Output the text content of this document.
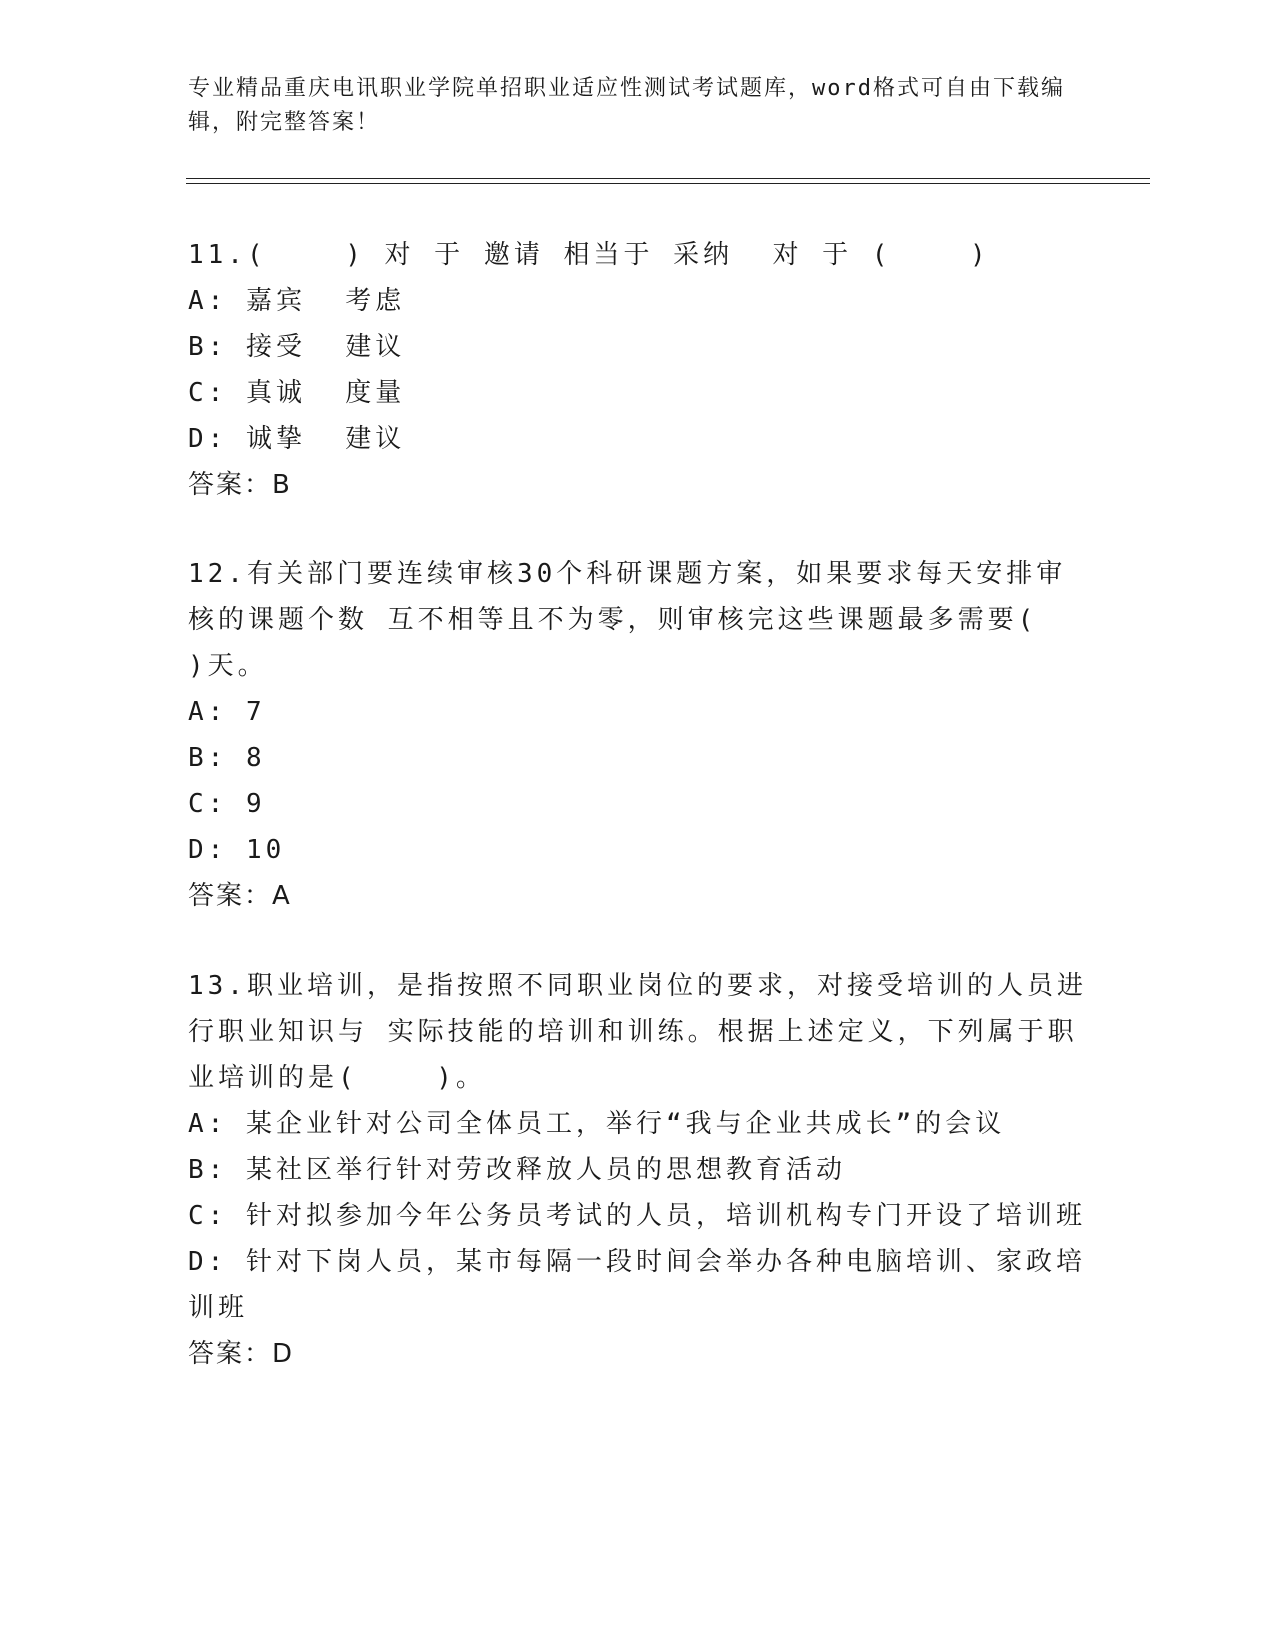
专业精品重庆电讯职业学院单招职业适应性测试考试题库，word格式可自由下载编辑，附完整答案！
11.(    ) 对 于 邀请 相当于 采纳  对 于 (    )
A: 嘉宾  考虑
B: 接受  建议
C: 真诚  度量
D: 诚挚  建议
答案：B
12.有关部门要连续审核30个科研课题方案，如果要求每天安排审核的课题个数 互不相等且不为零，则审核完这些课题最多需要(    )天。
A: 7
B: 8
C: 9
D: 10
答案：A
13.职业培训，是指按照不同职业岗位的要求，对接受培训的人员进行职业知识与 实际技能的培训和训练。根据上述定义，下列属于职业培训的是(    )。
A: 某企业针对公司全体员工，举行“我与企业共成长”的会议
B: 某社区举行针对劳改释放人员的思想教育活动
C: 针对拟参加今年公务员考试的人员，培训机构专门开设了培训班
D: 针对下岗人员，某市每隔一段时间会举办各种电脑培训、家政培训班
答案：D
